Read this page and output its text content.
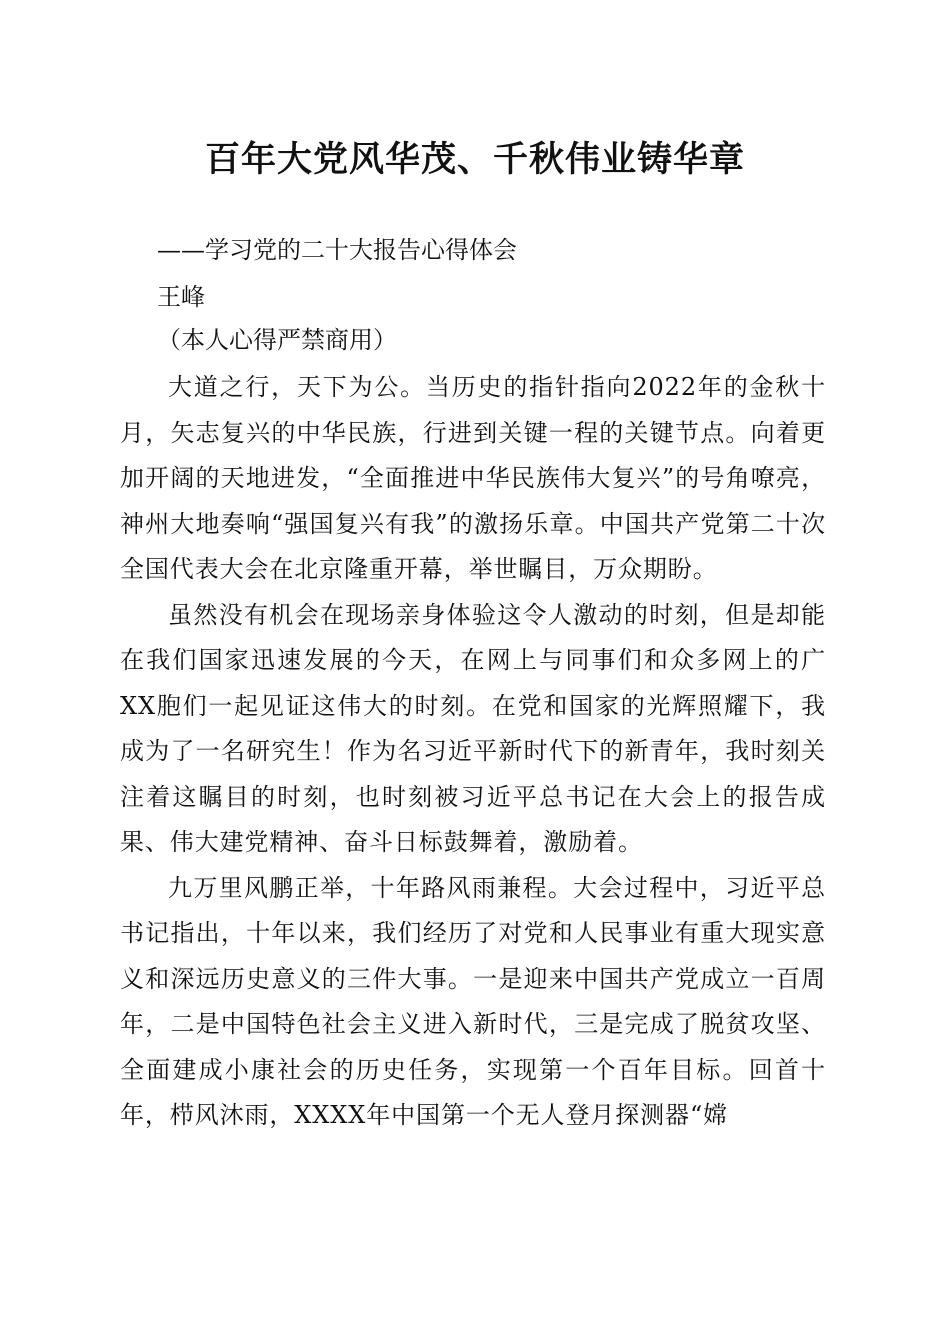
百年大党风华茂、千秋伟业铸华章

——学习党的二十大报告心得体会

王峰

（本人心得严禁商用）

大道之行，天下为公。当历史的指针指向2022年的金秋十月，矢志复兴的中华民族，行进到关键一程的关键节点。向着更加开阔的天地进发，“全面推进中华民族伟大复兴”的号角嘹亮，神州大地奏响“强国复兴有我”的激扬乐章。中国共产党第二十次全国代表大会在北京隆重开幕，举世瞩目，万众期盼。

虽然没有机会在现场亲身体验这令人激动的时刻，但是却能在我们国家迅速发展的今天，在网上与同事们和众多网上的广XX胞们一起见证这伟大的时刻。在党和国家的光辉照耀下，我成为了一名研究生！作为名习近平新时代下的新青年，我时刻关注着这瞩目的时刻，也时刻被习近平总书记在大会上的报告成果、伟大建党精神、奋斗日标鼓舞着，激励着。

九万里风鹏正举，十年路风雨兼程。大会过程中，习近平总书记指出，十年以来，我们经历了对党和人民事业有重大现实意义和深远历史意义的三件大事。一是迎来中国共产党成立一百周年，二是中国特色社会主义进入新时代，三是完成了脱贫攻坚、全面建成小康社会的历史任务，实现第一个百年目标。回首十年，栉风沐雨，XXXX年中国第一个无人登月探测器“嫦
